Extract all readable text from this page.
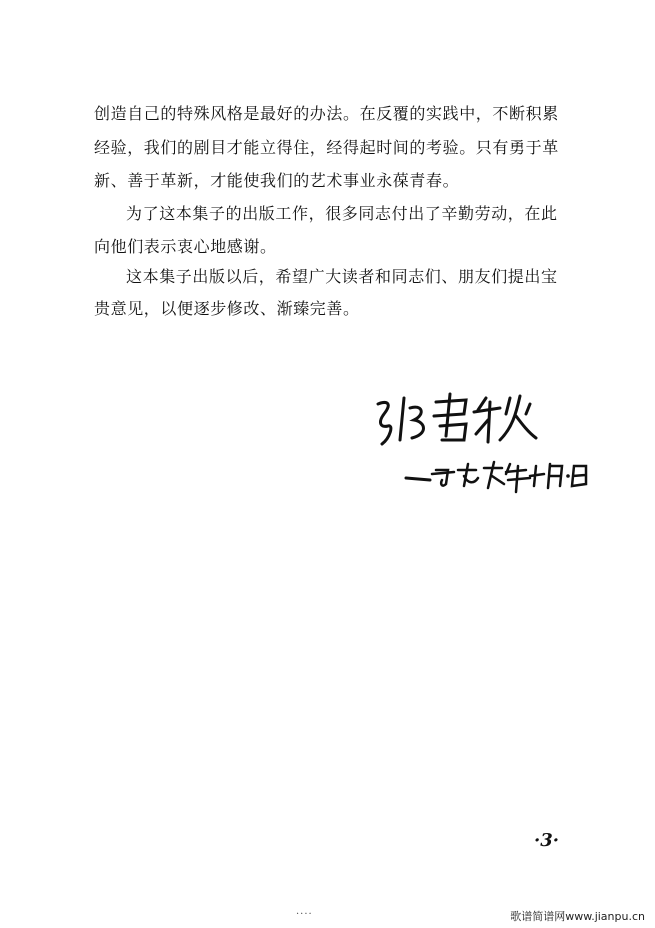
创造自己的特殊风格是最好的办法。在反覆的实践中，不断积累
经验，我们的剧目才能立得住，经得起时间的考验。只有勇于革
新、善于革新，才能使我们的艺术事业永葆青春。
为了这本集子的出版工作，很多同志付出了辛勤劳动，在此
向他们表示衷心地感谢。
这本集子出版以后，希望广大读者和同志们、朋友们提出宝
贵意见，以便逐步修改、渐臻完善。
·3·
····	歌谱简谱网www.jianpu.cn
